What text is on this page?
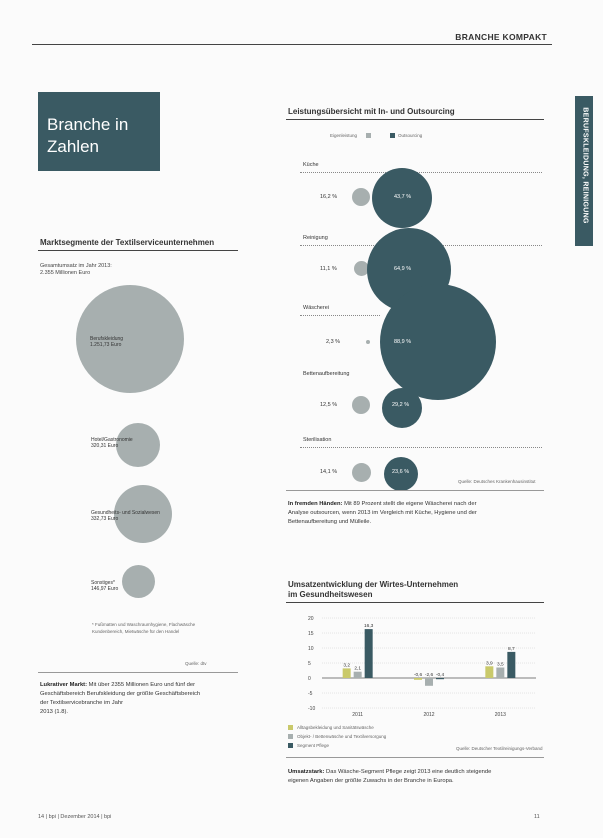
BRANCHE KOMPAKT
BERUFSKLEIDUNG, REINIGUNG
Branche in
Zahlen
Marktsegmente der Textilserviceunternehmen
Gesamtumsatz im Jahr 2013:
2.355 Millionen Euro
Berufskleidung
1.251,73 Euro
Hotel/Gastronomie
320,31 Euro
Gesundheits- und Sozialwesen
332,73 Euro
Sonstiges*
146,97 Euro
* Fußmatten und Waschraumhygiene, Flachwäsche
Kundenbereich, Mietwäsche für den Handel
Quelle: dtv
Lukrativer Markt: Mit über 2355 Millionen Euro und fünf der
Geschäftsbereich Berufskleidung der größte Geschäftsbereich
der Textilservicebranche im Jahr
2013 (1.8).
Leistungsübersicht mit In- und Outsourcing
Eigenleistung	Outsourcing
Küche
16,2 %	43,7 %
Reinigung
11,1 %	64,9 %
Wäscherei
2,3 %	88,9 %
Bettenaufbereitung
12,5 %	29,2 %
Sterilisation
14,1 %	23,6 %
Quelle: Deutsches Krankenhausinstitut
In fremden Händen: Mit 89 Prozent stellt die eigene Wäscherei nach der
Analyse outsourcen, wenn 2013 im Vergleich mit Küche, Hygiene und der
Bettenaufbereitung und Mülleile.
Umsatzentwicklung der Wirtes-Unternehmen
im Gesundheitswesen
-10
-5
0
5
10
15
20
3,2
2,1
16,3
2011
-0,6 -2,6 -0,4
2012
3,9 3,5
8,7
2013
Alltagsbekleidung und Sanitätswäsche
Objekt- / Bettenwäsche und Textilversorgung
Segment Pflege
Quelle: Deutscher Textilreinigungs-Verband
Umsatzstark: Das Wäsche-Segment Pflege zeigt 2013 eine deutlich steigende
eigenen Angaben der größte Zuwachs in der Branche in Europa.
14 | bpi | Dezember 2014 | bpi	11
